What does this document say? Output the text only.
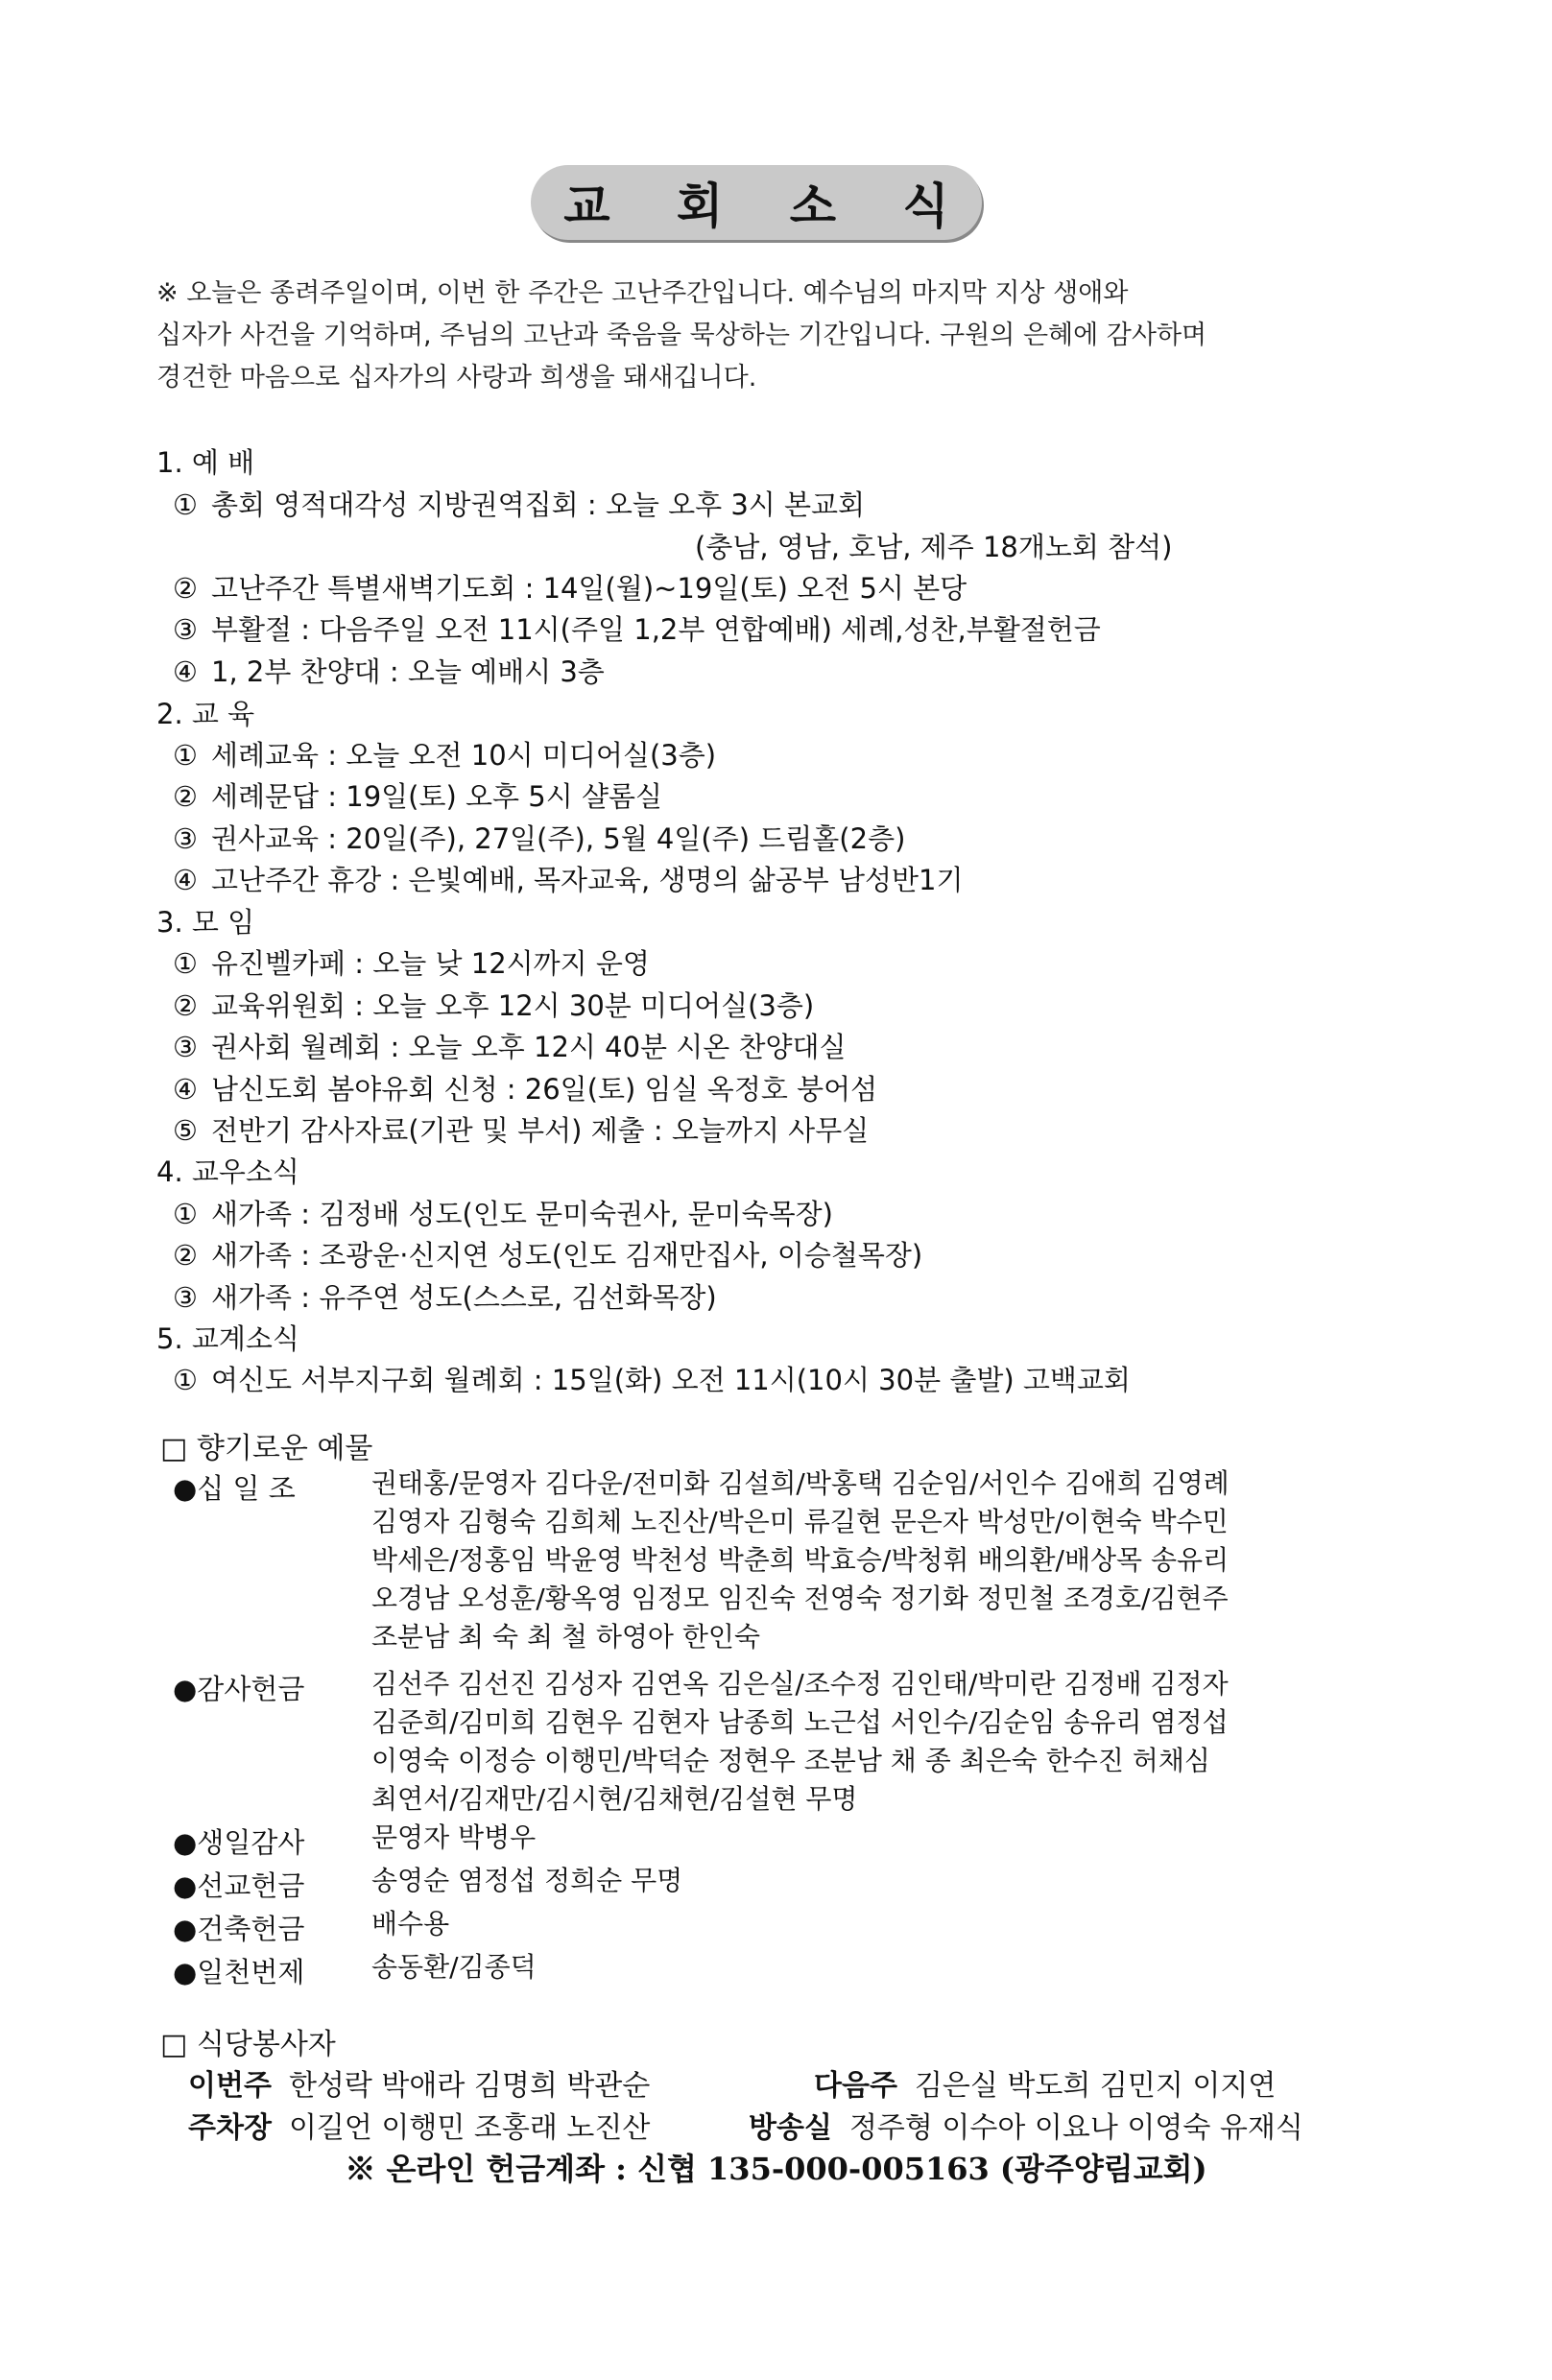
교 회 소 식
※ 오늘은 종려주일이며, 이번 한 주간은 고난주간입니다. 예수님의 마지막 지상 생애와
십자가 사건을 기억하며, 주님의 고난과 죽음을 묵상하는 기간입니다. 구원의 은혜에 감사하며
경건한 마음으로 십자가의 사랑과 희생을 돼새깁니다.
1. 예 배
① 총회 영적대각성 지방권역집회 : 오늘 오후 3시 본교회
(충남, 영남, 호남, 제주 18개노회 참석)
② 고난주간 특별새벽기도회 : 14일(월)~19일(토) 오전 5시 본당
③ 부활절 : 다음주일 오전 11시(주일 1,2부 연합예배) 세례,성찬,부활절헌금
④ 1, 2부 찬양대 : 오늘 예배시 3층
2. 교 육
① 세례교육 : 오늘 오전 10시 미디어실(3층)
② 세례문답 : 19일(토) 오후 5시 샬롬실
③ 권사교육 : 20일(주), 27일(주), 5월 4일(주) 드림홀(2층)
④ 고난주간 휴강 : 은빛예배, 목자교육, 생명의 삶공부 남성반1기
3. 모 임
① 유진벨카페 : 오늘 낮 12시까지 운영
② 교육위원회 : 오늘 오후 12시 30분 미디어실(3층)
③ 권사회 월례회 : 오늘 오후 12시 40분 시온 찬양대실
④ 남신도회 봄야유회 신청 : 26일(토) 임실 옥정호 붕어섬
⑤ 전반기 감사자료(기관 및 부서) 제출 : 오늘까지 사무실
4. 교우소식
① 새가족 : 김정배 성도(인도 문미숙권사, 문미숙목장)
② 새가족 : 조광운·신지연 성도(인도 김재만집사, 이승철목장)
③ 새가족 : 유주연 성도(스스로, 김선화목장)
5. 교계소식
① 여신도 서부지구회 월례회 : 15일(화) 오전 11시(10시 30분 출발) 고백교회
□ 향기로운 예물
●십 일 조	권태홍/문영자 김다운/전미화 김설희/박홍택 김순임/서인수 김애희 김영례
김영자 김형숙 김희체 노진산/박은미 류길현 문은자 박성만/이현숙 박수민
박세은/정홍임 박윤영 박천성 박춘희 박효승/박청휘 배의환/배상목 송유리
오경남 오성훈/황옥영 임정모 임진숙 전영숙 정기화 정민철 조경호/김현주
조분남 최 숙 최 철 하영아 한인숙
●감사헌금 김선주 김선진 김성자 김연옥 김은실/조수정 김인태/박미란 김정배 김정자
김준희/김미희 김현우 김현자 남종희 노근섭 서인수/김순임 송유리 염정섭
이영숙 이정승 이행민/박덕순 정현우 조분남 채 종 최은숙 한수진 허채심
최연서/김재만/김시현/김채현/김설현 무명
●생일감사 문영자 박병우
●선교헌금 송영순 염정섭 정희순 무명
●건축헌금 배수용
●일천번제 송동환/김종덕
□ 식당봉사자
이번주 한성락 박애라 김명희 박관순	다음주 김은실 박도희 김민지 이지연
주차장 이길언 이행민 조홍래 노진산	방송실 정주형 이수아 이요나 이영숙 유재식
※ 온라인 헌금계좌 : 신협 135-000-005163 (광주양림교회)
